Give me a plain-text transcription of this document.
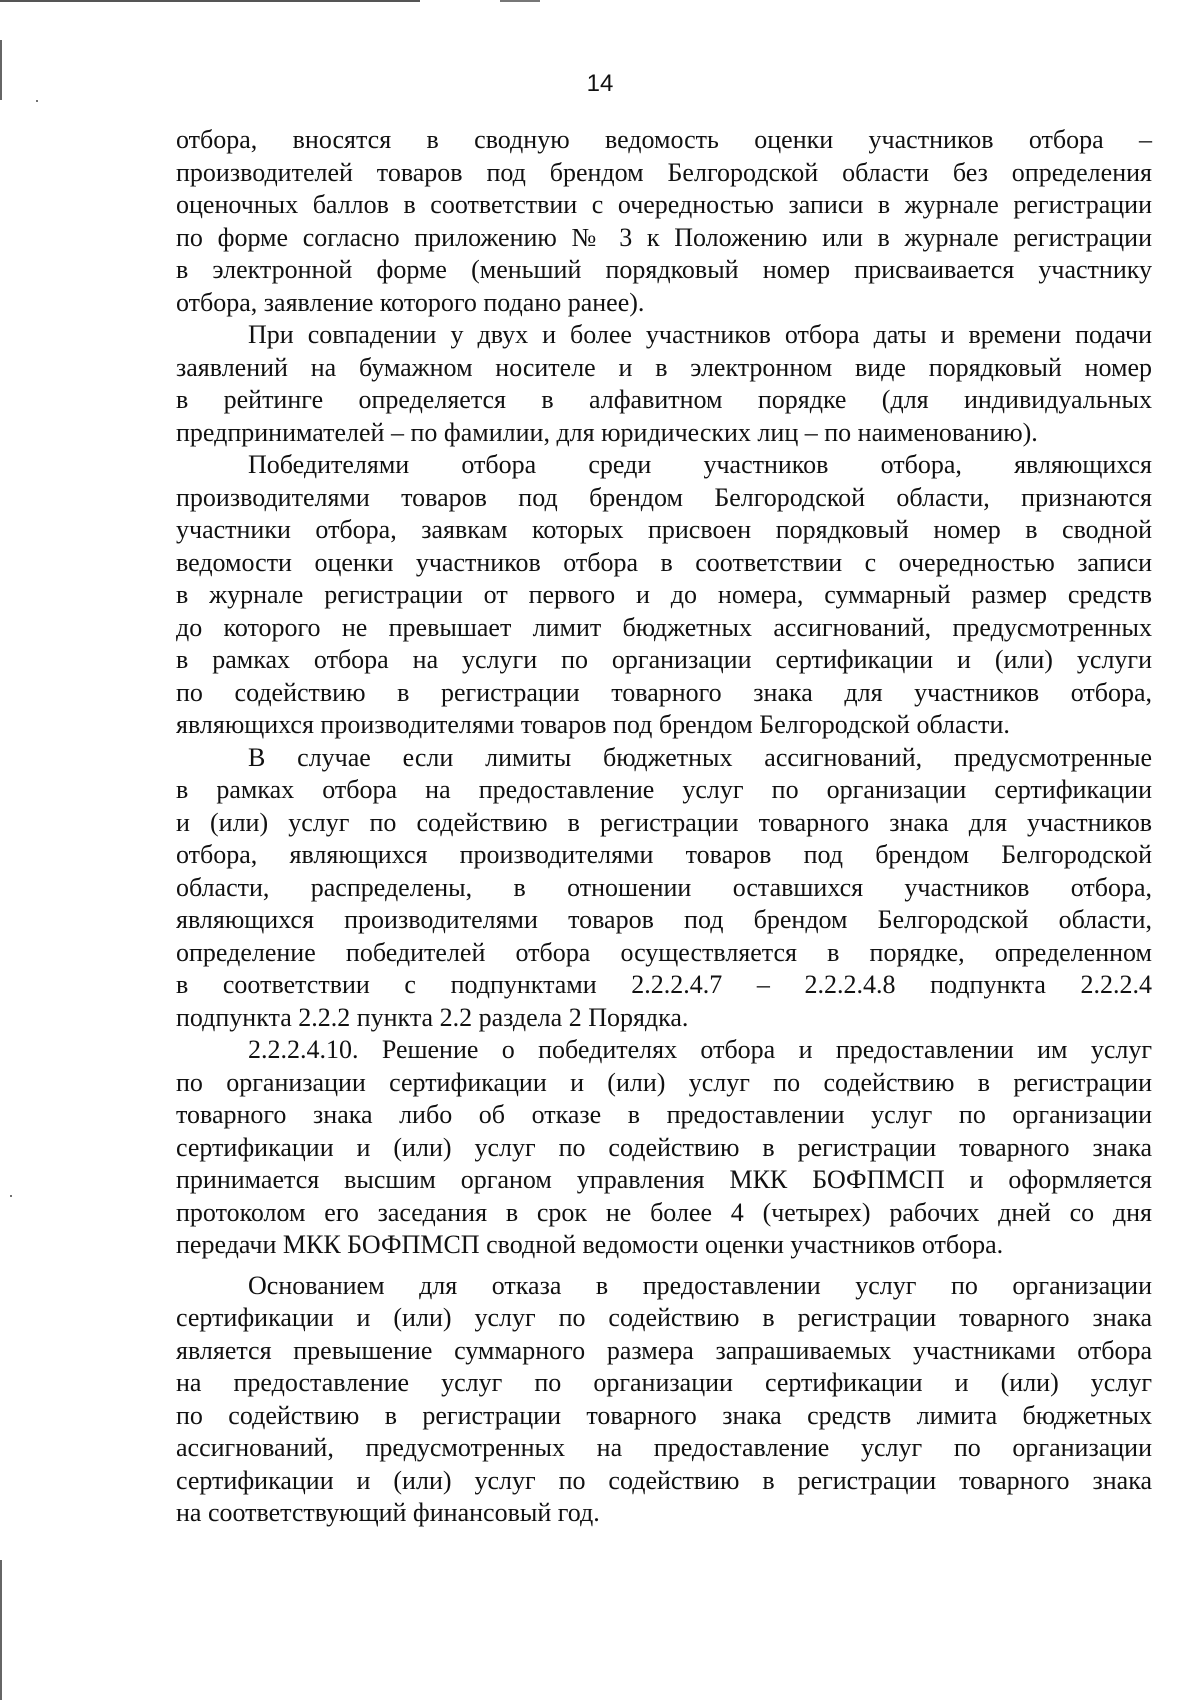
14
отбора, вносятся в сводную ведомость оценки участников отбора –
производителей товаров под брендом Белгородской области без определения
оценочных баллов в соответствии с очередностью записи в журнале регистрации
по форме согласно приложению № 3 к Положению или в журнале регистрации
в электронной форме (меньший порядковый номер присваивается участнику
отбора, заявление которого подано ранее).
При совпадении у двух и более участников отбора даты и времени подачи
заявлений на бумажном носителе и в электронном виде порядковый номер
в рейтинге определяется в алфавитном порядке (для индивидуальных
предпринимателей – по фамилии, для юридических лиц – по наименованию).
Победителями отбора среди участников отбора, являющихся
производителями товаров под брендом Белгородской области, признаются
участники отбора, заявкам которых присвоен порядковый номер в сводной
ведомости оценки участников отбора в соответствии с очередностью записи
в журнале регистрации от первого и до номера, суммарный размер средств
до которого не превышает лимит бюджетных ассигнований, предусмотренных
в рамках отбора на услуги по организации сертификации и (или) услуги
по содействию в регистрации товарного знака для участников отбора,
являющихся производителями товаров под брендом Белгородской области.
В случае если лимиты бюджетных ассигнований, предусмотренные
в рамках отбора на предоставление услуг по организации сертификации
и (или) услуг по содействию в регистрации товарного знака для участников
отбора, являющихся производителями товаров под брендом Белгородской
области, распределены, в отношении оставшихся участников отбора,
являющихся производителями товаров под брендом Белгородской области,
определение победителей отбора осуществляется в порядке, определенном
в соответствии с подпунктами 2.2.2.4.7 – 2.2.2.4.8 подпункта 2.2.2.4
подпункта 2.2.2 пункта 2.2 раздела 2 Порядка.
2.2.2.4.10. Решение о победителях отбора и предоставлении им услуг
по организации сертификации и (или) услуг по содействию в регистрации
товарного знака либо об отказе в предоставлении услуг по организации
сертификации и (или) услуг по содействию в регистрации товарного знака
принимается высшим органом управления МКК БОФПМСП и оформляется
протоколом его заседания в срок не более 4 (четырех) рабочих дней со дня
передачи МКК БОФПМСП сводной ведомости оценки участников отбора.
Основанием для отказа в предоставлении услуг по организации
сертификации и (или) услуг по содействию в регистрации товарного знака
является превышение суммарного размера запрашиваемых участниками отбора
на предоставление услуг по организации сертификации и (или) услуг
по содействию в регистрации товарного знака средств лимита бюджетных
ассигнований, предусмотренных на предоставление услуг по организации
сертификации и (или) услуг по содействию в регистрации товарного знака
на соответствующий финансовый год.
